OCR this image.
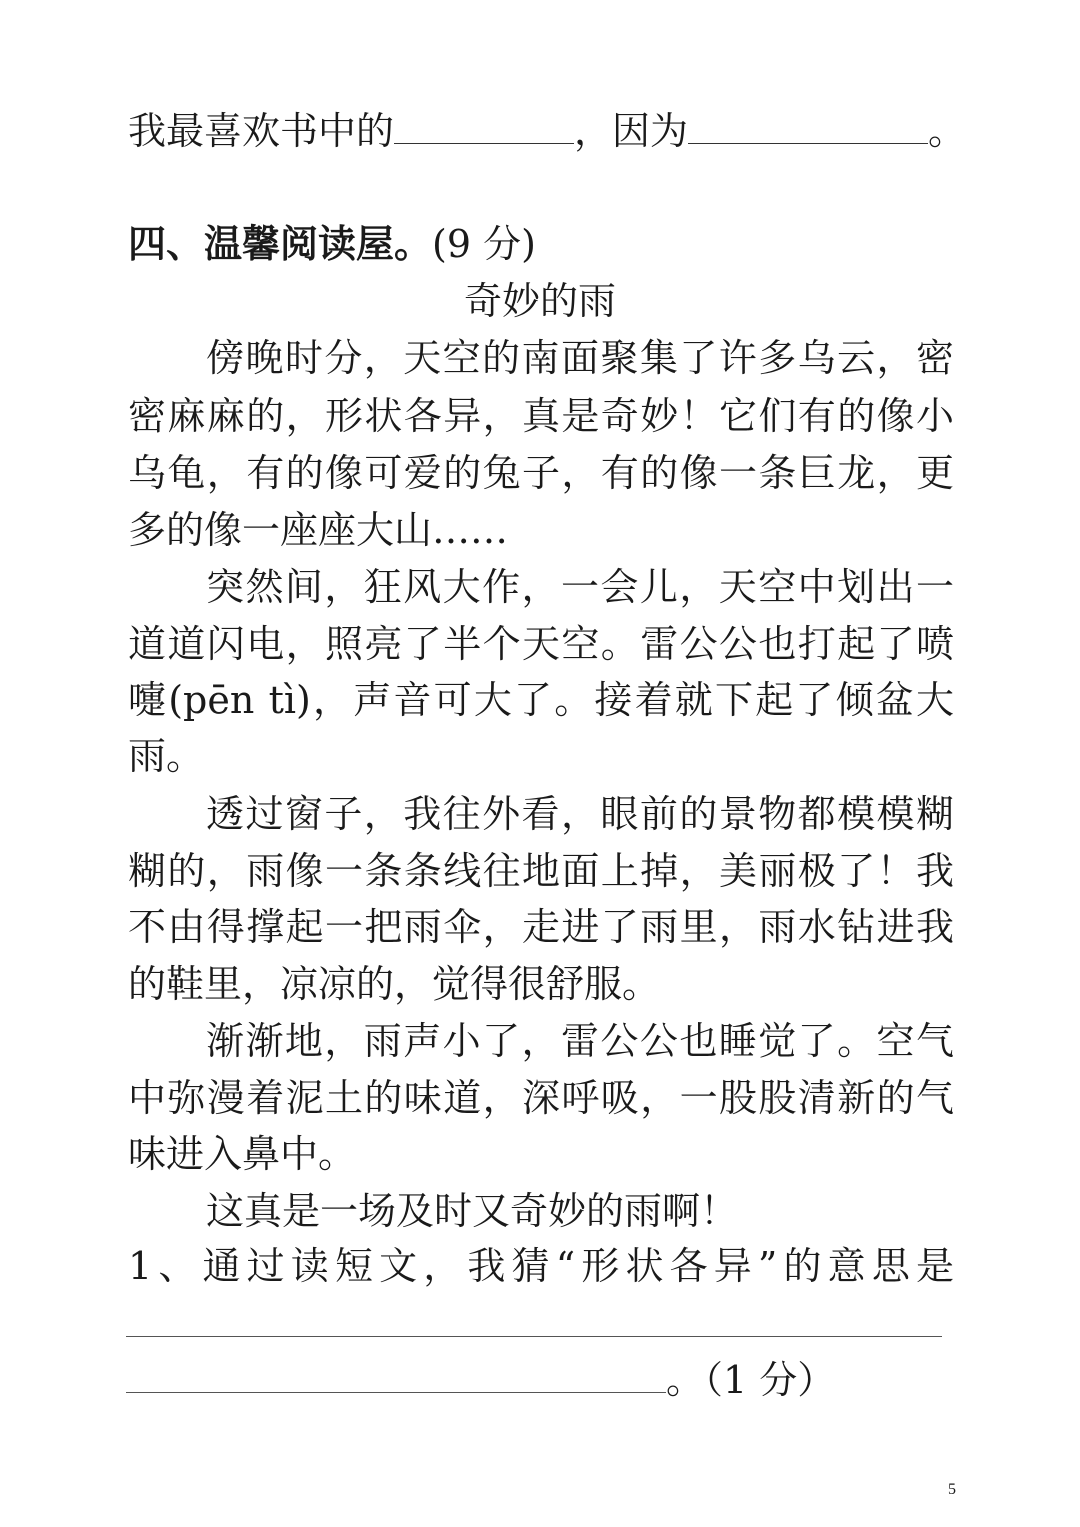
我最喜欢书中的	，因为	。
四、温馨阅读屋。(9 分)
奇妙的雨
傍晚时分，天空的南面聚集了许多乌云，密
密麻麻的，形状各异，真是奇妙！它们有的像小
乌龟，有的像可爱的兔子，有的像一条巨龙，更
多的像一座座大山……
突然间，狂风大作，一会儿，天空中划出一
道道闪电，照亮了半个天空。雷公公也打起了喷
嚏(pēn tì)，声音可大了。接着就下起了倾盆大
雨。
透过窗子，我往外看，眼前的景物都模模糊
糊的，雨像一条条线往地面上掉，美丽极了！我
不由得撑起一把雨伞，走进了雨里，雨水钻进我
的鞋里，凉凉的，觉得很舒服。
渐渐地，雨声小了，雷公公也睡觉了。空气
中弥漫着泥土的味道，深呼吸，一股股清新的气
味进入鼻中。
这真是一场及时又奇妙的雨啊！
1、通过读短文，我猜“形状各异”的意思是
。（1 分）
5
